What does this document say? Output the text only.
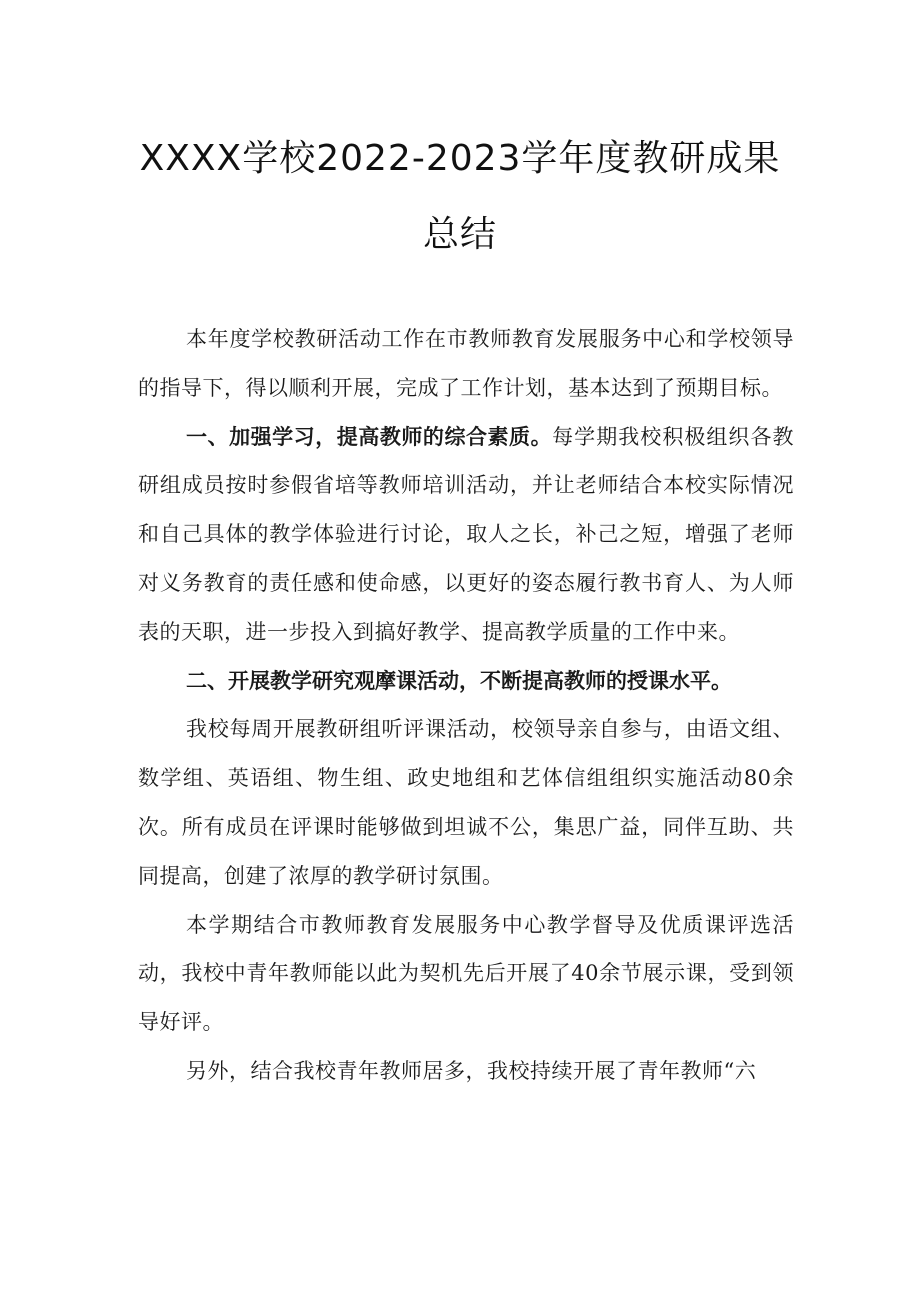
XXXX学校2022-2023学年度教研成果
总结

本年度学校教研活动工作在市教师教育发展服务中心和学校领导的指导下，得以顺利开展，完成了工作计划，基本达到了预期目标。

一、加强学习，提高教师的综合素质。每学期我校积极组织各教研组成员按时参假省培等教师培训活动，并让老师结合本校实际情况和自己具体的教学体验进行讨论，取人之长，补己之短，增强了老师对义务教育的责任感和使命感，以更好的姿态履行教书育人、为人师表的天职，进一步投入到搞好教学、提高教学质量的工作中来。

二、开展教学研究观摩课活动，不断提高教师的授课水平。

我校每周开展教研组听评课活动，校领导亲自参与，由语文组、数学组、英语组、物生组、政史地组和艺体信组组织实施活动80余次。所有成员在评课时能够做到坦诚不公，集思广益，同伴互助、共同提高，创建了浓厚的教学研讨氛围。

本学期结合市教师教育发展服务中心教学督导及优质课评选活动，我校中青年教师能以此为契机先后开展了40余节展示课，受到领导好评。

另外，结合我校青年教师居多，我校持续开展了青年教师“六
